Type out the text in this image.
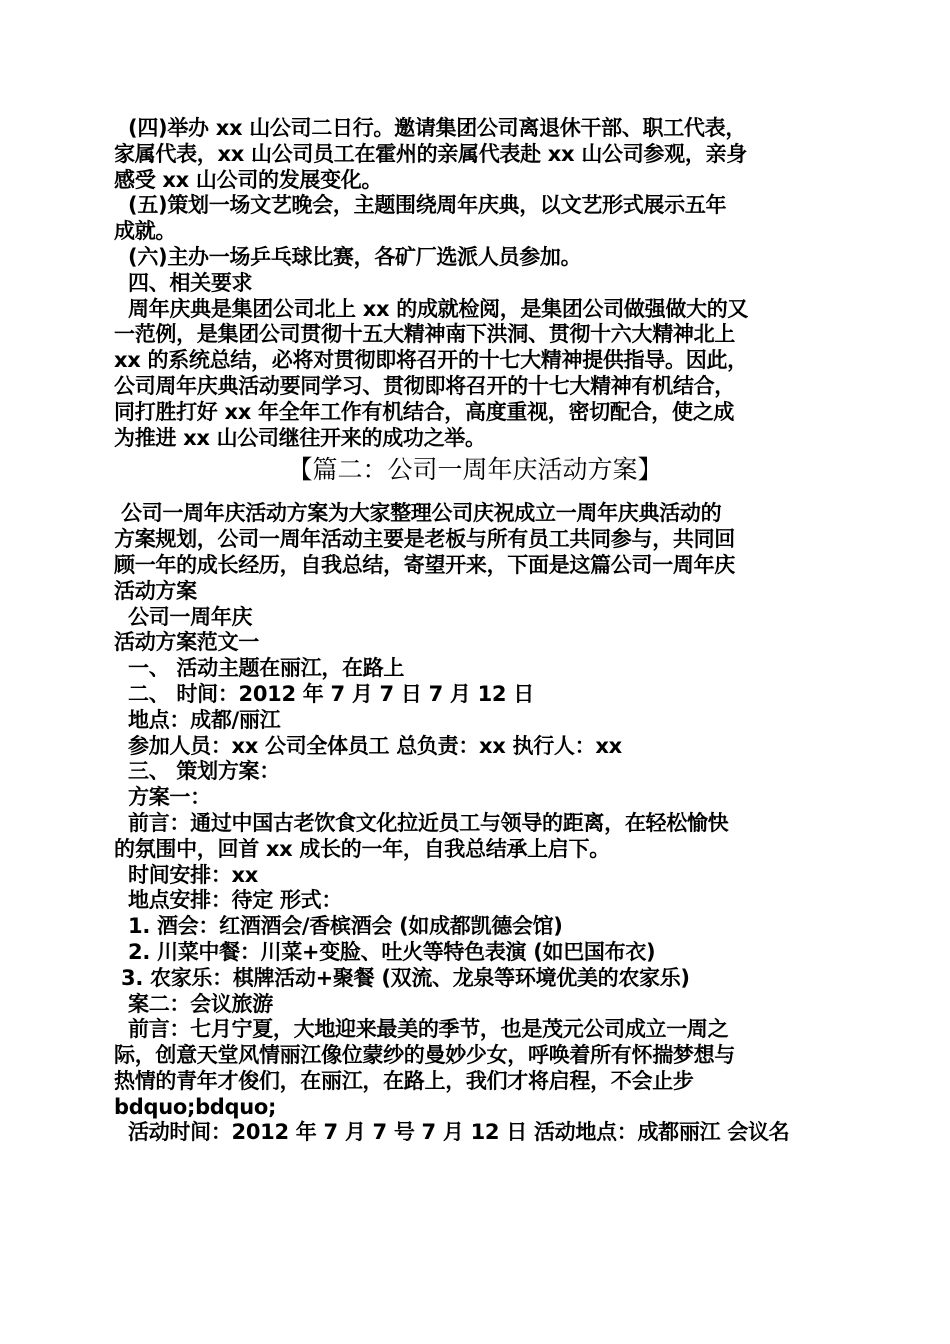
(四)举办 xx 山公司二日行。邀请集团公司离退休干部、职工代表，
家属代表，xx 山公司员工在霍州的亲属代表赴 xx 山公司参观，亲身
感受 xx 山公司的发展变化。
(五)策划一场文艺晚会，主题围绕周年庆典，以文艺形式展示五年
成就。
(六)主办一场乒乓球比赛，各矿厂选派人员参加。
四、相关要求
周年庆典是集团公司北上 xx 的成就检阅，是集团公司做强做大的又
一范例，是集团公司贯彻十五大精神南下洪洞、贯彻十六大精神北上
xx 的系统总结，必将对贯彻即将召开的十七大精神提供指导。因此，
公司周年庆典活动要同学习、贯彻即将召开的十七大精神有机结合，
同打胜打好 xx 年全年工作有机结合，高度重视，密切配合，使之成
为推进 xx 山公司继往开来的成功之举。
【篇二：公司一周年庆活动方案】
公司一周年庆活动方案为大家整理公司庆祝成立一周年庆典活动的
方案规划，公司一周年活动主要是老板与所有员工共同参与，共同回
顾一年的成长经历，自我总结，寄望开来，下面是这篇公司一周年庆
活动方案
公司一周年庆
活动方案范文一
一、 活动主题在丽江，在路上
二、 时间：2012 年 7 月 7 日 7 月 12 日
地点：成都/丽江
参加人员：xx 公司全体员工 总负责：xx 执行人：xx
三、 策划方案：
方案一：
前言：通过中国古老饮食文化拉近员工与领导的距离，在轻松愉快
的氛围中，回首 xx 成长的一年，自我总结承上启下。
时间安排：xx
地点安排：待定 形式：
1. 酒会：红酒酒会/香槟酒会 (如成都凯德会馆)
2. 川菜中餐：川菜+变脸、吐火等特色表演 (如巴国布衣)
3. 农家乐：棋牌活动+聚餐 (双流、龙泉等环境优美的农家乐)
案二：会议旅游
前言：七月宁夏，大地迎来最美的季节，也是茂元公司成立一周之
际，创意天堂风情丽江像位蒙纱的曼妙少女，呼唤着所有怀揣梦想与
热情的青年才俊们，在丽江，在路上，我们才将启程，不会止步
bdquo;bdquo;
活动时间：2012 年 7 月 7 号 7 月 12 日 活动地点：成都丽江 会议名
